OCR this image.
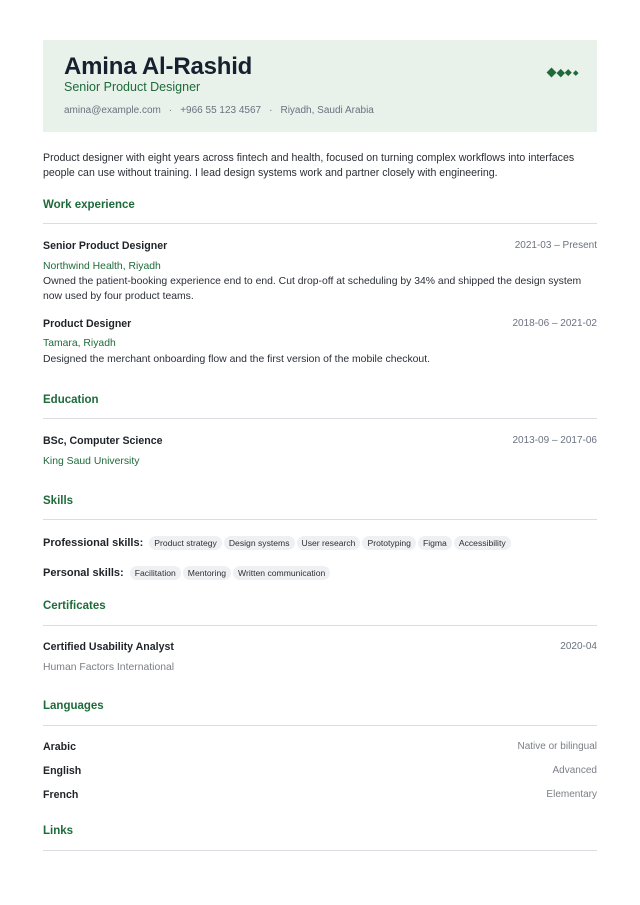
Amina Al-Rashid
Senior Product Designer
amina@example.com · +966 55 123 4567 · Riyadh, Saudi Arabia
Product designer with eight years across fintech and health, focused on turning complex workflows into interfaces people can use without training. I lead design systems work and partner closely with engineering.
Work experience
Senior Product Designer	2021-03 – Present
Northwind Health, Riyadh
Owned the patient-booking experience end to end. Cut drop-off at scheduling by 34% and shipped the design system now used by four product teams.
Product Designer	2018-06 – 2021-02
Tamara, Riyadh
Designed the merchant onboarding flow and the first version of the mobile checkout.
Education
BSc, Computer Science	2013-09 – 2017-06
King Saud University
Skills
Professional skills:	Product strategy	Design systems	User research	Prototyping	Figma	Accessibility
Personal skills:	Facilitation	Mentoring	Written communication
Certificates
Certified Usability Analyst	2020-04
Human Factors International
Languages
Arabic	Native or bilingual
English	Advanced
French	Elementary
Links
